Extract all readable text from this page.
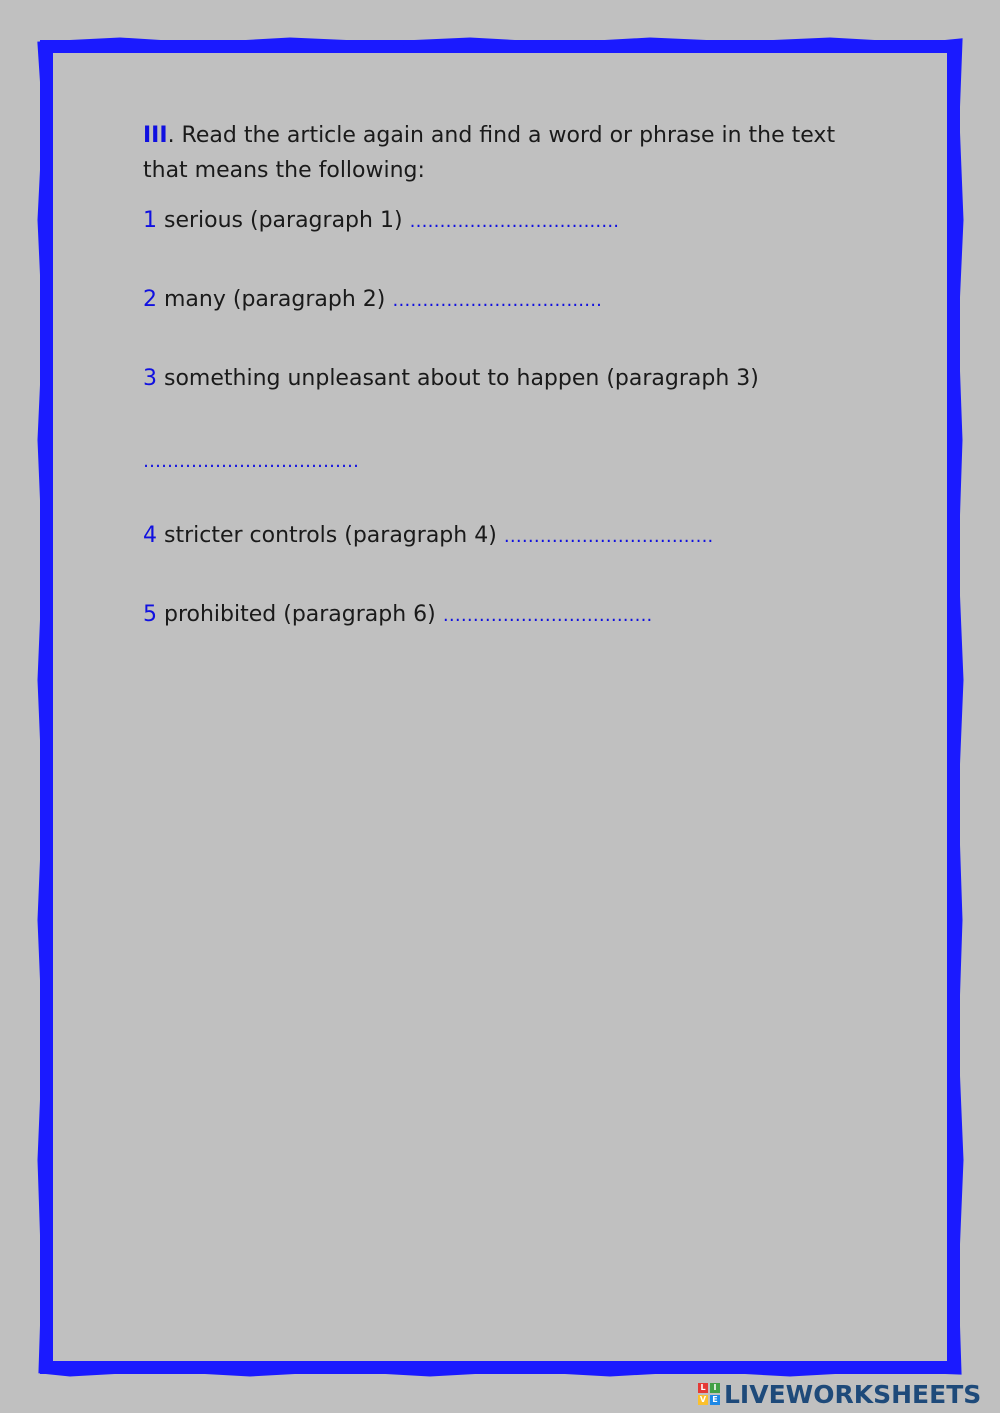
III. Read the article again and find a word or phrase in the text
that means the following:

1 serious (paragraph 1) ………………………….….
2 many (paragraph 2) ………………………….….
3 something unpleasant about to happen (paragraph 3)
………………………………
4 stricter controls (paragraph 4) ………………………….….
5 prohibited (paragraph 6) ………………………….….
L I
V E LIVEWORKSHEETS
